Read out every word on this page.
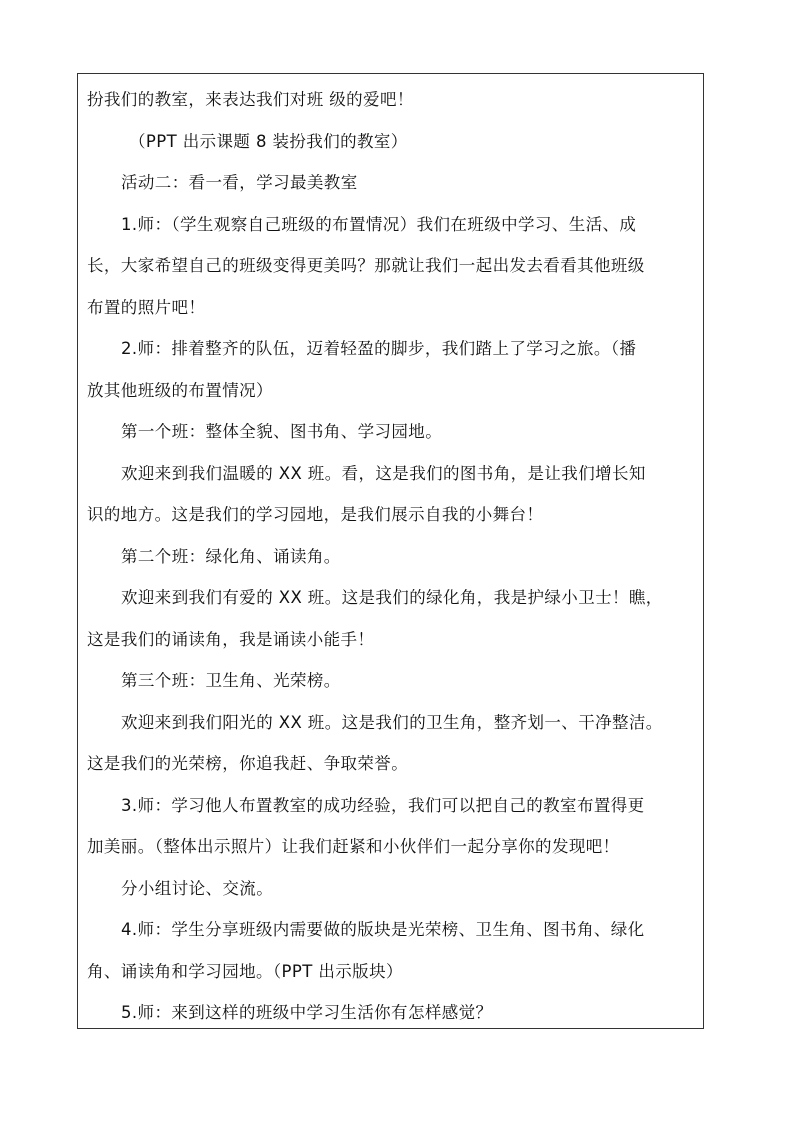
扮我们的教室，来表达我们对班 级的爱吧！

（PPT 出示课题 8 装扮我们的教室）

活动二：看一看，学习最美教室

1.师：（学生观察自己班级的布置情况）我们在班级中学习、生活、成

长，大家希望自己的班级变得更美吗？那就让我们一起出发去看看其他班级

布置的照片吧！

2.师：排着整齐的队伍，迈着轻盈的脚步，我们踏上了学习之旅。（播

放其他班级的布置情况）

第一个班：整体全貌、图书角、学习园地。

欢迎来到我们温暖的 XX 班。看，这是我们的图书角，是让我们增长知

识的地方。这是我们的学习园地，是我们展示自我的小舞台！

第二个班：绿化角、诵读角。

欢迎来到我们有爱的 XX 班。这是我们的绿化角，我是护绿小卫士！瞧，

这是我们的诵读角，我是诵读小能手！

第三个班：卫生角、光荣榜。

欢迎来到我们阳光的 XX 班。这是我们的卫生角，整齐划一、干净整洁。

这是我们的光荣榜，你追我赶、争取荣誉。

3.师：学习他人布置教室的成功经验，我们可以把自己的教室布置得更

加美丽。（整体出示照片）让我们赶紧和小伙伴们一起分享你的发现吧！

分小组讨论、交流。

4.师：学生分享班级内需要做的版块是光荣榜、卫生角、图书角、绿化

角、诵读角和学习园地。（PPT 出示版块）

5.师：来到这样的班级中学习生活你有怎样感觉？
